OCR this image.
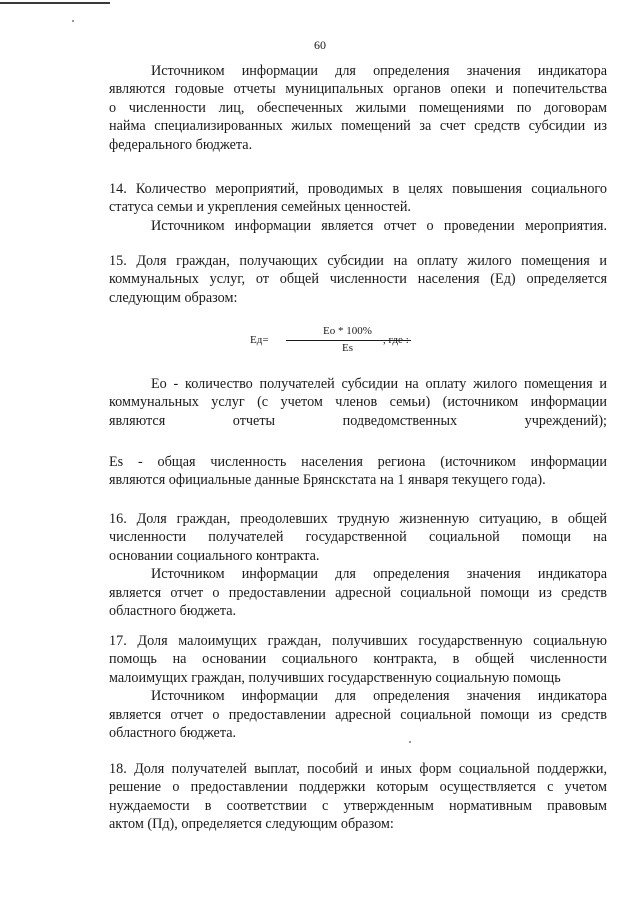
60

Источником информации для определения значения индикатора

являются годовые отчеты муниципальных органов опеки и попечительства

о численности лиц, обеспеченных жилыми помещениями по договорам

найма специализированных жилых помещений за счет средств субсидии из

федерального бюджета.

14. Количество мероприятий, проводимых в целях повышения социального

статуса семьи и укрепления семейных ценностей.

Источником информации является отчет о проведении мероприятия.

15. Доля граждан, получающих субсидии на оплату жилого помещения и

коммунальных услуг, от общей численности населения (Ед) определяется

следующим образом:

Ед=
Ео * 100%
Es
, где :

Ео - количество получателей субсидии на оплату жилого помещения и

коммунальных услуг (с учетом членов семьи) (источником информации

являются	отчеты	подведомственных	учреждений);

Es - общая численность населения региона (источником информации

являются официальные данные Брянскстата на 1 января текущего года).

16. Доля граждан, преодолевших трудную жизненную ситуацию, в общей

численности получателей государственной социальной помощи на

основании социального контракта.

Источником информации для определения значения индикатора

является отчет о предоставлении адресной социальной помощи из средств

областного бюджета.

17. Доля малоимущих граждан, получивших государственную социальную

помощь на основании социального контракта, в общей численности

малоимущих граждан, получивших государственную социальную помощь

Источником информации для определения значения индикатора

является отчет о предоставлении адресной социальной помощи из средств

областного бюджета.

18. Доля получателей выплат, пособий и иных форм социальной поддержки,

решение о предоставлении поддержки которым осуществляется с учетом

нуждаемости в соответствии с утвержденным нормативным правовым

актом (Пд), определяется следующим образом:
